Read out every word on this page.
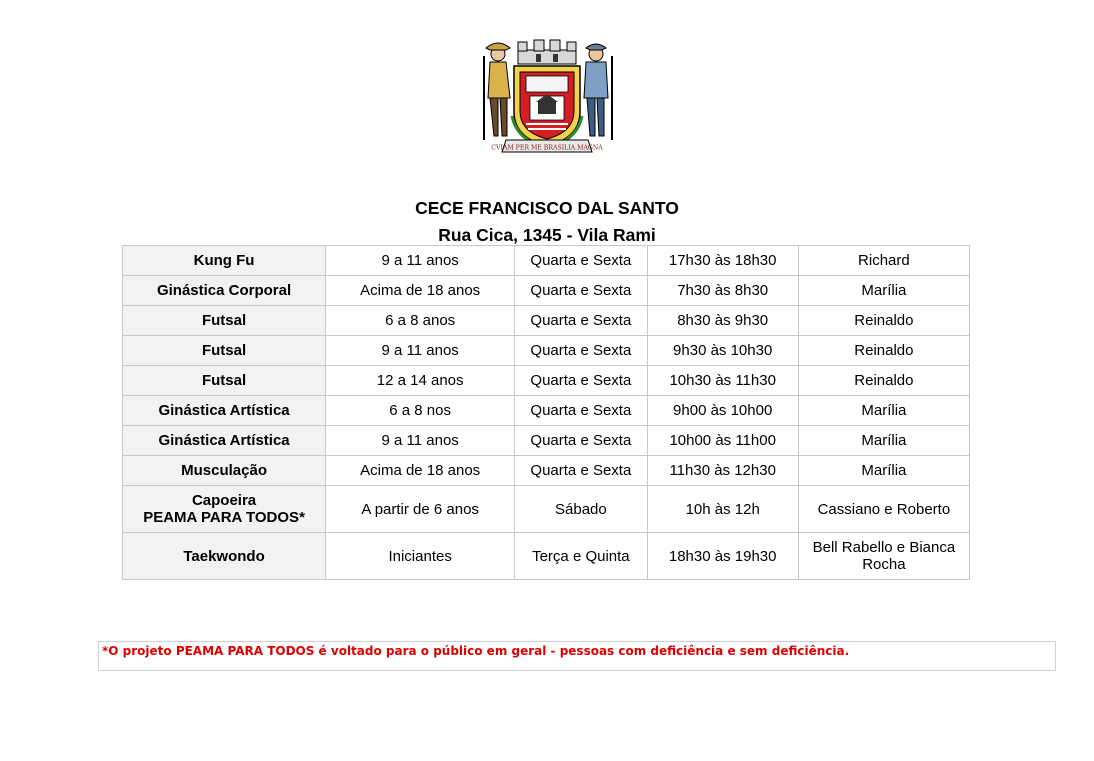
CVIAM PER ME BRASILIA MAGNA
CECE FRANCISCO DAL SANTO
Rua Cica, 1345 - Vila Rami
Kung Fu	9 a 11 anos	Quarta e Sexta	17h30 às 18h30	Richard
Ginástica Corporal	Acima de 18 anos	Quarta e Sexta	7h30 às 8h30	Marília
Futsal	6 a 8 anos	Quarta e Sexta	8h30 às 9h30	Reinaldo
Futsal	9 a 11 anos	Quarta e Sexta	9h30 às 10h30	Reinaldo
Futsal	12 a 14 anos	Quarta e Sexta	10h30 às 11h30	Reinaldo
Ginástica Artística	6 a 8 nos	Quarta e Sexta	9h00 às 10h00	Marília
Ginástica Artística	9 a 11 anos	Quarta e Sexta	10h00 às 11h00	Marília
Musculação	Acima de 18 anos	Quarta e Sexta	11h30 às 12h30	Marília

Capoeira
PEAMA PARA TODOS*	A partir de 6 anos	Sábado	10h às 12h	Cassiano e Roberto
Taekwondo	Iniciantes	Terça e Quinta	18h30 às 19h30	Bell Rabello e Bianca Rocha
*O projeto PEAMA PARA TODOS é voltado para o público em geral - pessoas com deficiência e sem deficiência.
